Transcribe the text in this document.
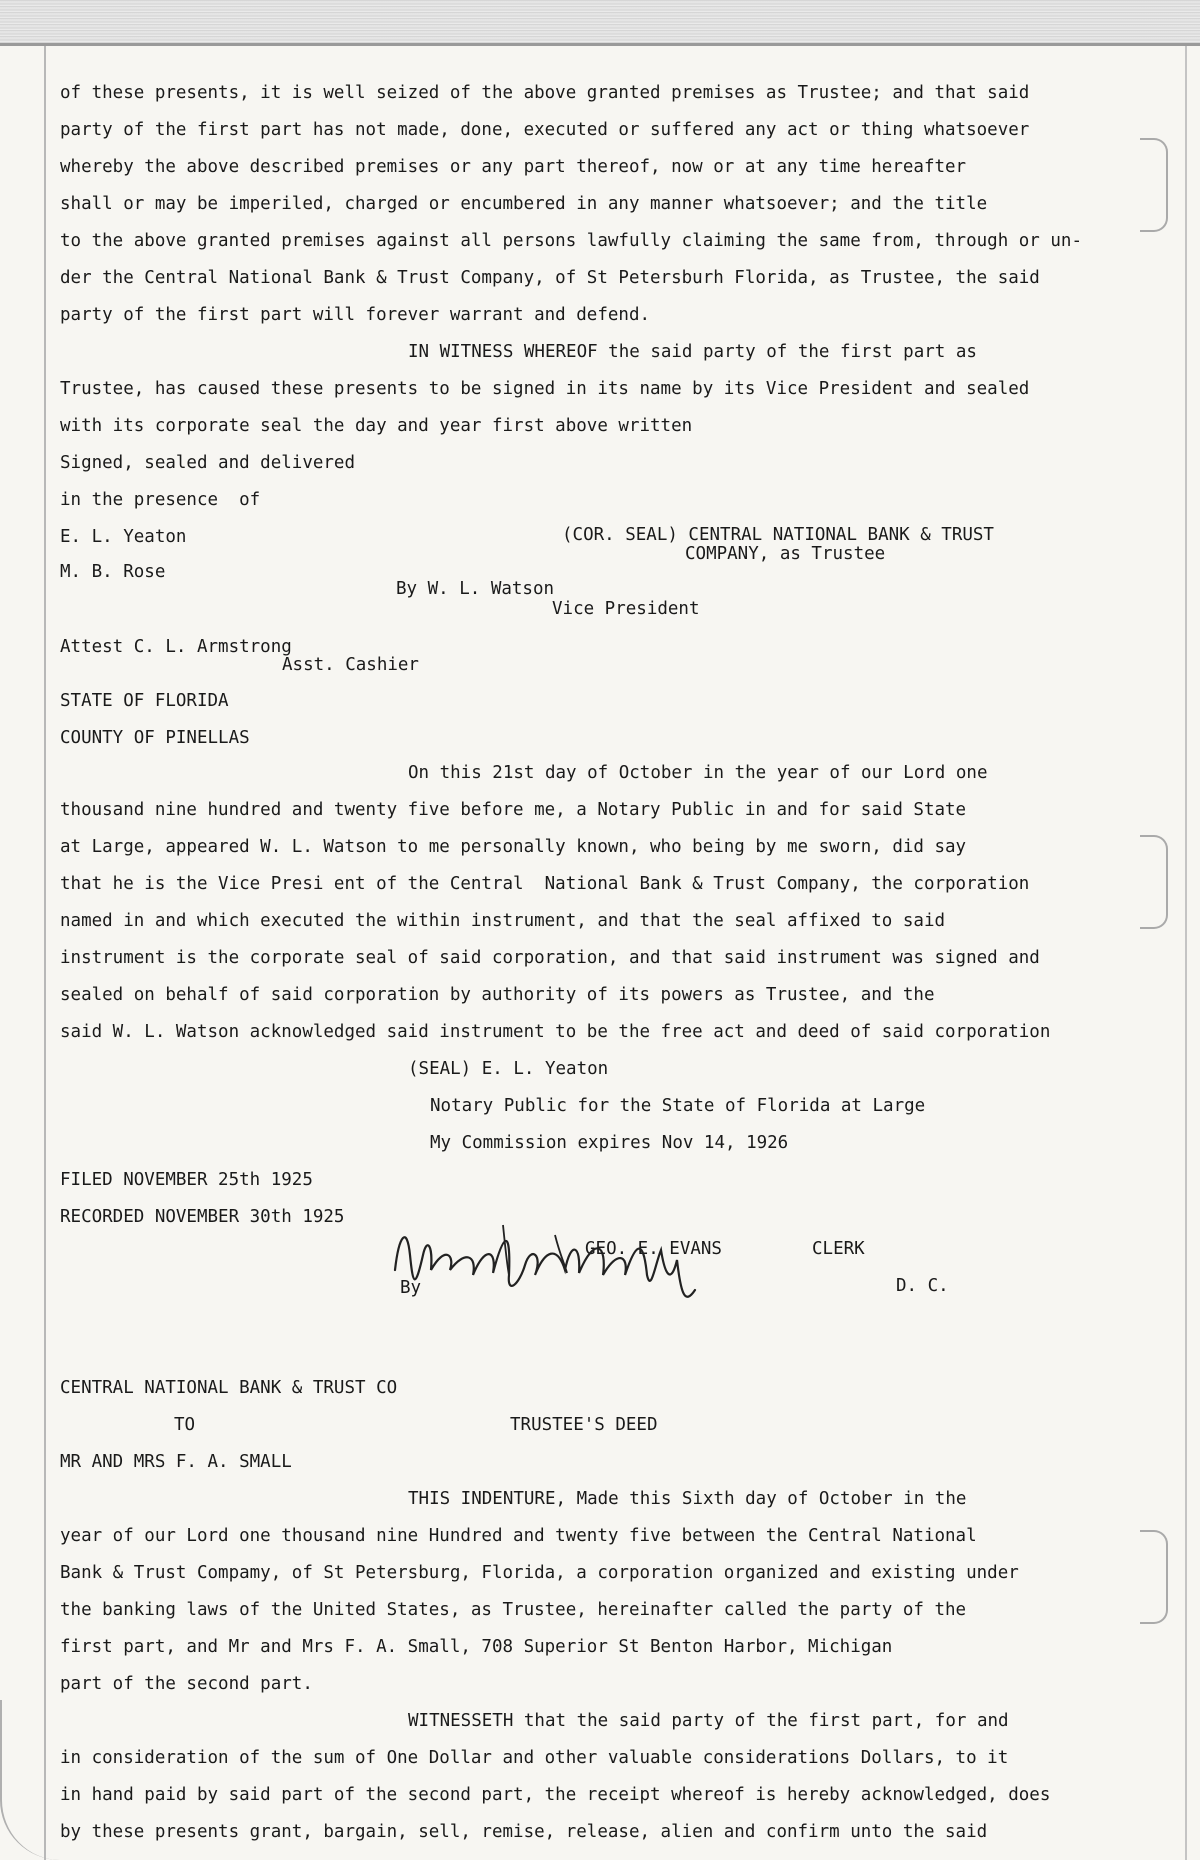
of these presents, it is well seized of the above granted premises as Trustee; and that said
party of the first part has not made, done, executed or suffered any act or thing whatsoever
whereby the above described premises or any part thereof, now or at any time hereafter
shall or may be imperiled, charged or encumbered in any manner whatsoever; and the title
to the above granted premises against all persons lawfully claiming the same from, through or un-
der the Central National Bank & Trust Company, of St Petersburh Florida, as Trustee, the said
party of the first part will forever warrant and defend.
IN WITNESS WHEREOF the said party of the first part as
Trustee, has caused these presents to be signed in its name by its Vice President and sealed
with its corporate seal the day and year first above written
Signed, sealed and delivered
in the presence  of
E. L. Yeaton	(COR. SEAL) CENTRAL NATIONAL BANK & TRUST
COMPANY, as Trustee
M. B. Rose
By W. L. Watson
Vice President
Attest C. L. Armstrong
Asst. Cashier
STATE OF FLORIDA
COUNTY OF PINELLAS
On this 21st day of October in the year of our Lord one
thousand nine hundred and twenty five before me, a Notary Public in and for said State
at Large, appeared W. L. Watson to me personally known, who being by me sworn, did say
that he is the Vice Presi ent of the Central  National Bank & Trust Company, the corporation
named in and which executed the within instrument, and that the seal affixed to said
instrument is the corporate seal of said corporation, and that said instrument was signed and
sealed on behalf of said corporation by authority of its powers as Trustee, and the
said W. L. Watson acknowledged said instrument to be the free act and deed of said corporation
(SEAL) E. L. Yeaton
Notary Public for the State of Florida at Large
My Commission expires Nov 14, 1926
FILED NOVEMBER 25th 1925
RECORDED NOVEMBER 30th 1925
GEO. E. EVANS	CLERK
By	D. C.
CENTRAL NATIONAL BANK & TRUST CO
TO	TRUSTEE'S DEED
MR AND MRS F. A. SMALL
THIS INDENTURE, Made this Sixth day of October in the
year of our Lord one thousand nine Hundred and twenty five between the Central National
Bank & Trust Compamy, of St Petersburg, Florida, a corporation organized and existing under
the banking laws of the United States, as Trustee, hereinafter called the party of the
first part, and Mr and Mrs F. A. Small, 708 Superior St Benton Harbor, Michigan
part of the second part.
WITNESSETH that the said party of the first part, for and
in consideration of the sum of One Dollar and other valuable considerations Dollars, to it
in hand paid by said part of the second part, the receipt whereof is hereby acknowledged, does
by these presents grant, bargain, sell, remise, release, alien and confirm unto the said
